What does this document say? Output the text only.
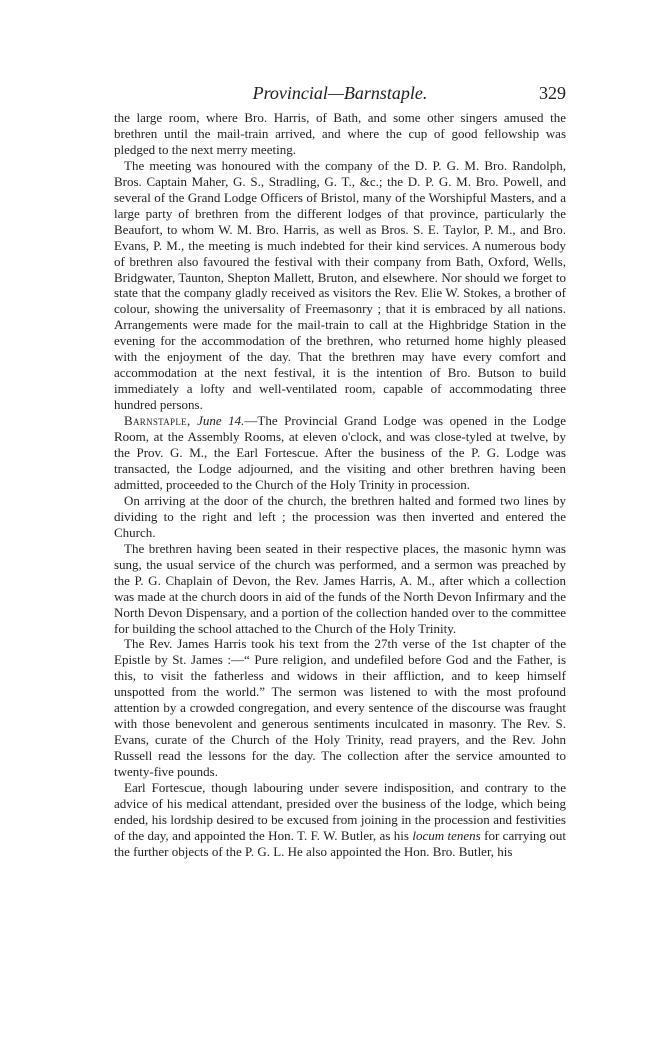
Provincial—Barnstaple.	329

the large room, where Bro. Harris, of Bath, and some other singers amused the brethren until the mail-train arrived, and where the cup of good fellowship was pledged to the next merry meeting.

The meeting was honoured with the company of the D. P. G. M. Bro. Randolph, Bros. Captain Maher, G. S., Stradling, G. T., &c.; the D. P. G. M. Bro. Powell, and several of the Grand Lodge Officers of Bristol, many of the Worshipful Masters, and a large party of brethren from the different lodges of that province, particularly the Beaufort, to whom W. M. Bro. Harris, as well as Bros. S. E. Taylor, P. M., and Bro. Evans, P. M., the meeting is much indebted for their kind services. A numerous body of brethren also favoured the festival with their company from Bath, Oxford, Wells, Bridgwater, Taunton, Shepton Mallett, Bruton, and elsewhere. Nor should we forget to state that the company gladly received as visitors the Rev. Elie W. Stokes, a brother of colour, showing the universality of Freemasonry ; that it is embraced by all nations. Arrangements were made for the mail-train to call at the Highbridge Station in the evening for the accommodation of the brethren, who returned home highly pleased with the enjoyment of the day. That the brethren may have every comfort and accommodation at the next festival, it is the intention of Bro. Butson to build immediately a lofty and well-ventilated room, capable of accommodating three hundred persons.

Barnstaple, June 14.—The Provincial Grand Lodge was opened in the Lodge Room, at the Assembly Rooms, at eleven o'clock, and was close-tyled at twelve, by the Prov. G. M., the Earl Fortescue. After the business of the P. G. Lodge was transacted, the Lodge adjourned, and the visiting and other brethren having been admitted, proceeded to the Church of the Holy Trinity in procession.

On arriving at the door of the church, the brethren halted and formed two lines by dividing to the right and left ; the procession was then inverted and entered the Church.

The brethren having been seated in their respective places, the masonic hymn was sung, the usual service of the church was performed, and a sermon was preached by the P. G. Chaplain of Devon, the Rev. James Harris, A. M., after which a collection was made at the church doors in aid of the funds of the North Devon Infirmary and the North Devon Dispensary, and a portion of the collection handed over to the committee for building the school attached to the Church of the Holy Trinity.

The Rev. James Harris took his text from the 27th verse of the 1st chapter of the Epistle by St. James :—“ Pure religion, and undefiled before God and the Father, is this, to visit the fatherless and widows in their affliction, and to keep himself unspotted from the world.” The sermon was listened to with the most profound attention by a crowded congregation, and every sentence of the discourse was fraught with those benevolent and generous sentiments inculcated in masonry. The Rev. S. Evans, curate of the Church of the Holy Trinity, read prayers, and the Rev. John Russell read the lessons for the day. The collection after the service amounted to twenty-five pounds.

Earl Fortescue, though labouring under severe indisposition, and contrary to the advice of his medical attendant, presided over the business of the lodge, which being ended, his lordship desired to be excused from joining in the procession and festivities of the day, and appointed the Hon. T. F. W. Butler, as his locum tenens for carrying out the further objects of the P. G. L. He also appointed the Hon. Bro. Butler, his
